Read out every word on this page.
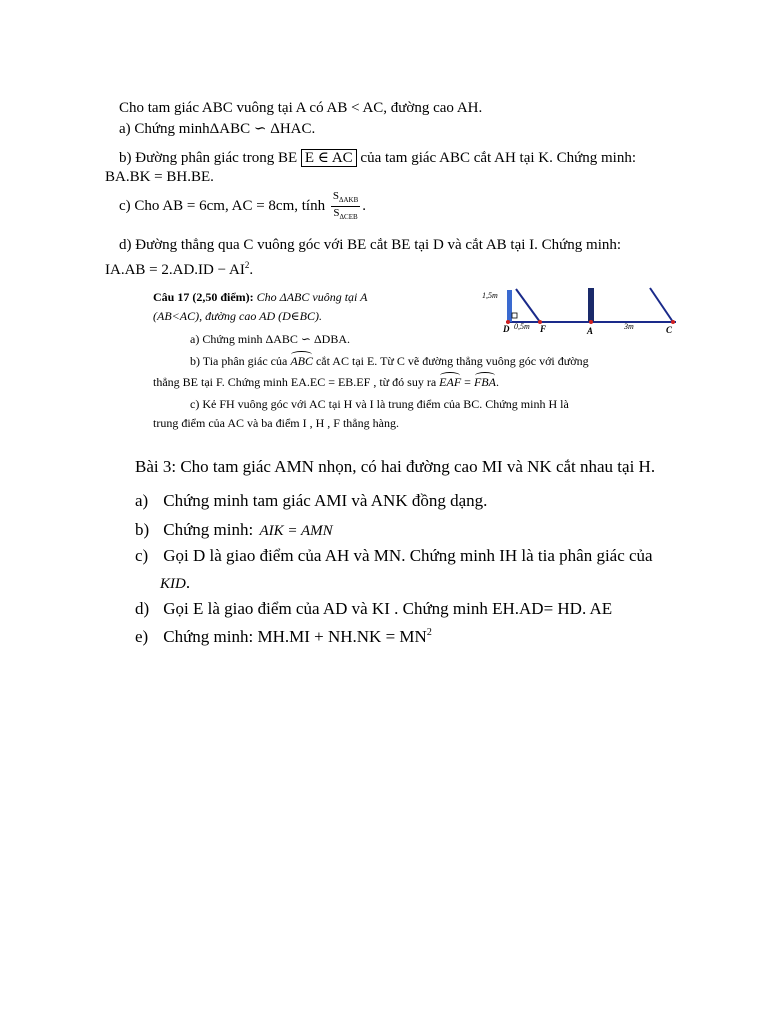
Cho tam giác ABC vuông tại A có AB < AC, đường cao AH.
a) Chứng minhΔABC ∽ ΔHAC.
b) Đường phân giác trong BE E ∈ AC của tam giác ABC cắt AH tại K. Chứng minh:
BA.BK = BH.BE.
c) Cho AB = 6cm, AC = 8cm, tính $\frac{S_{\Delta AKB}}{S_{\Delta CEB}}$ .
d) Đường thẳng qua C vuông góc với BE cắt BE tại D và cắt AB tại I. Chứng minh:
$IA.AB = 2.AD.ID - AI^2$.
Câu 17 (2,50 điểm): Cho ΔABC vuông tại A
(AB<AC), đường cao AD (D∈BC).
a) Chứng minh ΔABC ∽ ΔDBA.
b) Tia phân giác của ABC cắt AC tại E. Từ C vẽ đường thẳng vuông góc với đường
thẳng BE tại F. Chứng minh EA.EC = EB.EF , từ đó suy ra EAF = FBA.
c) Kẻ FH vuông góc với AC tại H và I là trung điểm của BC. Chứng minh H là
trung điểm của AC và ba điểm I , H , F thẳng hàng.
1,5m
0,5m	3m
D	F	A	C
Bài 3: Cho tam giác AMN nhọn, có hai đường cao MI và NK cắt nhau tại H.
a) Chứng minh tam giác AMI và ANK đồng dạng.
b) Chứng minh: AIK = AMN
c) Gọi D là giao điểm của AH và MN. Chứng minh IH là tia phân giác của
KID.
d) Gọi E là giao điểm của AD và KI . Chứng minh EH.AD= HD. AE
e) Chứng minh: $MH.MI + NH.NK = MN^2$
